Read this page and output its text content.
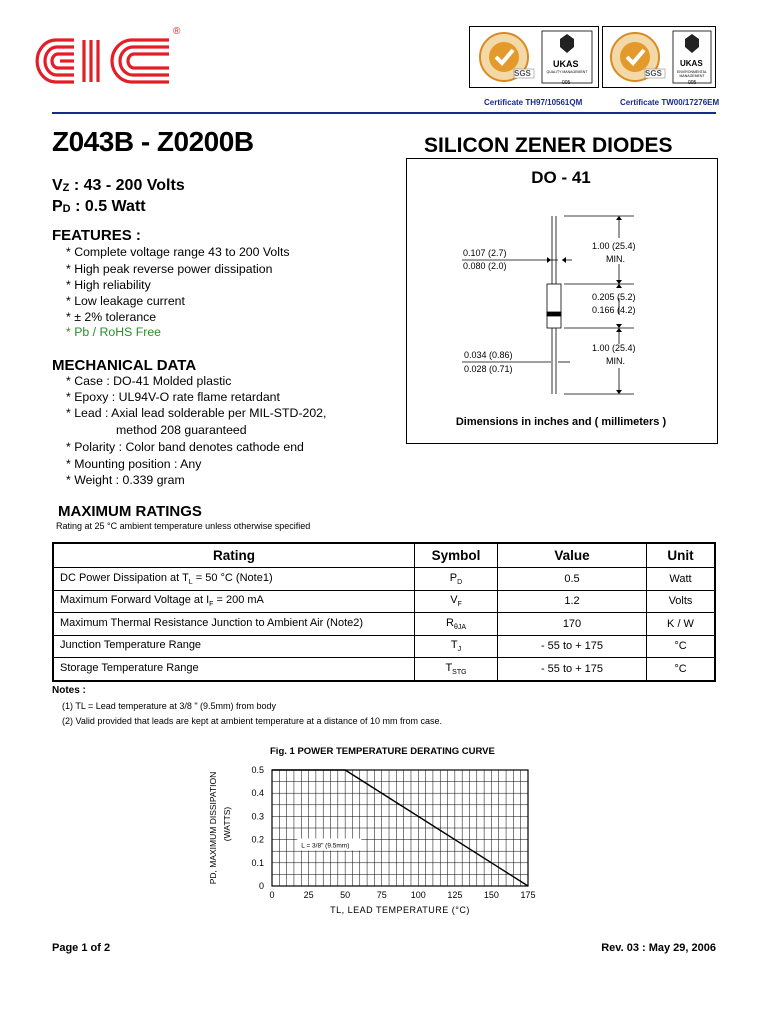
®
SGS
UKAS
QUALITY MANAGEMENT
005
SGS
UKAS
ENVIRONMENTAL MANAGEMENT
005
Certificate TH97/10561QM	Certificate TW00/17276EM
Z043B - Z0200B	SILICON ZENER DIODES
$V_Z$ : 43 - 200 Volts
$P_D$ : 0.5 Watt
FEATURES :
* Complete voltage range 43 to 200 Volts
* High peak reverse power dissipation
* High reliability
* Low leakage current
* ± 2% tolerance
* Pb / RoHS Free
MECHANICAL DATA
* Case : DO-41 Molded plastic
* Epoxy : UL94V-O rate flame retardant
* Lead : Axial lead solderable per MIL-STD-202,
method 208 guaranteed
* Polarity : Color band denotes cathode end
* Mounting position : Any
* Weight : 0.339 gram
DO - 41
0.107 (2.7)
0.080 (2.0)
1.00 (25.4)
MIN.
0.205 (5.2)
0.166 (4.2)
0.034 (0.86)
0.028 (0.71)
1.00 (25.4)
MIN.
Dimensions in inches and ( millimeters )
MAXIMUM RATINGS
Rating at 25 °C ambient temperature unless otherwise specified
Rating	Symbol	Value	Unit
DC Power Dissipation at $T_L = 50$ °C (Note1)	$P_D$	0.5	Watt
Maximum Forward Voltage at $I_F = 200$ mA	$V_F$	1.2	Volts
Maximum Thermal Resistance Junction to Ambient Air (Note2)	$R_{\theta JA}$	170	K / W
Junction Temperature Range	$T_J$	- 55 to + 175	°C
Storage Temperature Range	$T_{STG}$	- 55 to + 175	°C
Notes :
(1) TL = Lead temperature at 3/8 " (9.5mm) from body
(2) Valid provided that leads are kept at ambient temperature at a distance of 10 mm from case.
Fig. 1 POWER TEMPERATURE DERATING CURVE
0	25	50	75	100 125 150 175
0
0.1
0.2
0.3
0.4
0.5
L = 3/8" (9.5mm)
TL, LEAD TEMPERATURE (°C)
PD, MAXIMUM DISSIPATION (WATTS)
Page 1 of 2	Rev. 03 : May 29, 2006
